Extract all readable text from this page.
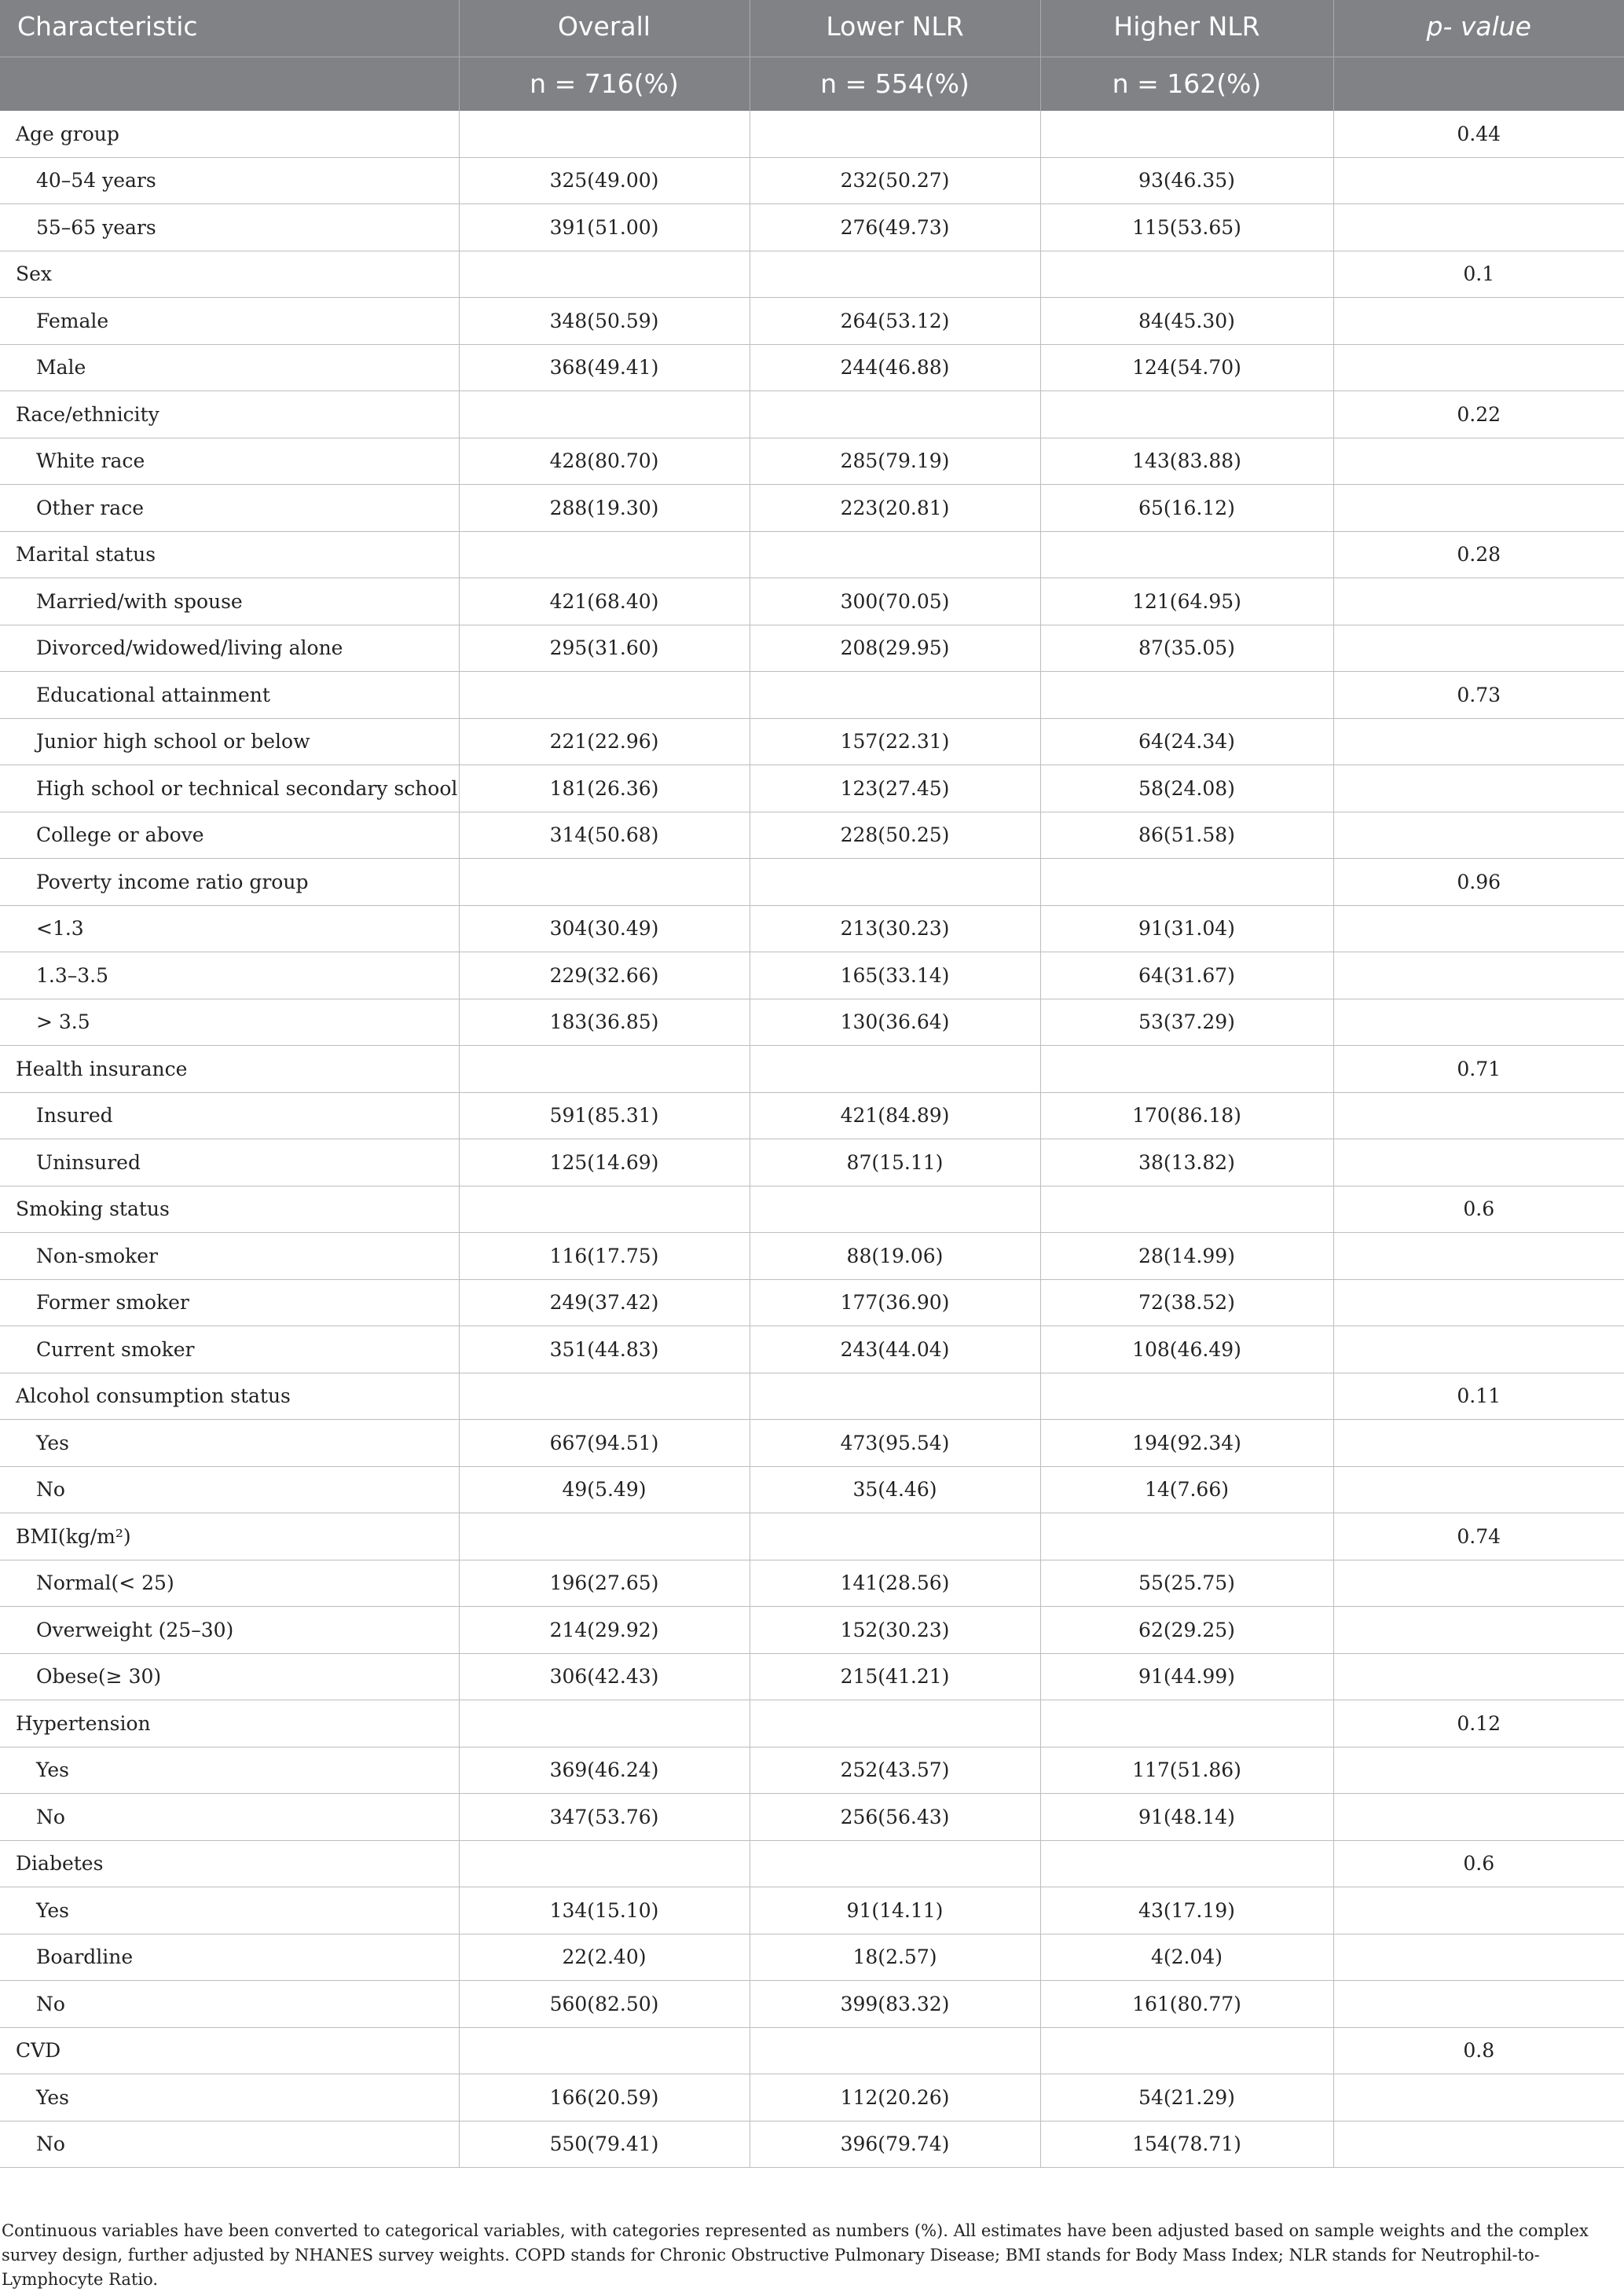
Characteristic	Overall	Lower NLR	Higher NLR	p- value
	n = 716(%)	n = 554(%)	n = 162(%)	
Age group				0.44
40–54 years	325(49.00)	232(50.27)	93(46.35)	
55–65 years	391(51.00)	276(49.73)	115(53.65)	
Sex				0.1
Female	348(50.59)	264(53.12)	84(45.30)	
Male	368(49.41)	244(46.88)	124(54.70)	
Race/ethnicity				0.22
White race	428(80.70)	285(79.19)	143(83.88)	
Other race	288(19.30)	223(20.81)	65(16.12)	
Marital status				0.28
Married/with spouse	421(68.40)	300(70.05)	121(64.95)	
Divorced/widowed/living alone	295(31.60)	208(29.95)	87(35.05)	
Educational attainment				0.73
Junior high school or below	221(22.96)	157(22.31)	64(24.34)	
High school or technical secondary school	181(26.36)	123(27.45)	58(24.08)	
College or above	314(50.68)	228(50.25)	86(51.58)	
Poverty income ratio group				0.96
<1.3	304(30.49)	213(30.23)	91(31.04)	
1.3–3.5	229(32.66)	165(33.14)	64(31.67)	
> 3.5	183(36.85)	130(36.64)	53(37.29)	
Health insurance				0.71
Insured	591(85.31)	421(84.89)	170(86.18)	
Uninsured	125(14.69)	87(15.11)	38(13.82)	
Smoking status				0.6
Non-smoker	116(17.75)	88(19.06)	28(14.99)	
Former smoker	249(37.42)	177(36.90)	72(38.52)	
Current smoker	351(44.83)	243(44.04)	108(46.49)	
Alcohol consumption status				0.11
Yes	667(94.51)	473(95.54)	194(92.34)	
No	49(5.49)	35(4.46)	14(7.66)	
BMI(kg/m²)				0.74
Normal(< 25)	196(27.65)	141(28.56)	55(25.75)	
Overweight (25–30)	214(29.92)	152(30.23)	62(29.25)	
Obese(≥ 30)	306(42.43)	215(41.21)	91(44.99)	
Hypertension				0.12
Yes	369(46.24)	252(43.57)	117(51.86)	
No	347(53.76)	256(56.43)	91(48.14)	
Diabetes				0.6
Yes	134(15.10)	91(14.11)	43(17.19)	
Boardline	22(2.40)	18(2.57)	4(2.04)	
No	560(82.50)	399(83.32)	161(80.77)	
CVD				0.8
Yes	166(20.59)	112(20.26)	54(21.29)	
No	550(79.41)	396(79.74)	154(78.71)	

Continuous variables have been converted to categorical variables, with categories represented as numbers (%). All estimates have been adjusted based on sample weights and the complex survey design, further adjusted by NHANES survey weights. COPD stands for Chronic Obstructive Pulmonary Disease; BMI stands for Body Mass Index; NLR stands for Neutrophil-to-Lymphocyte Ratio.
